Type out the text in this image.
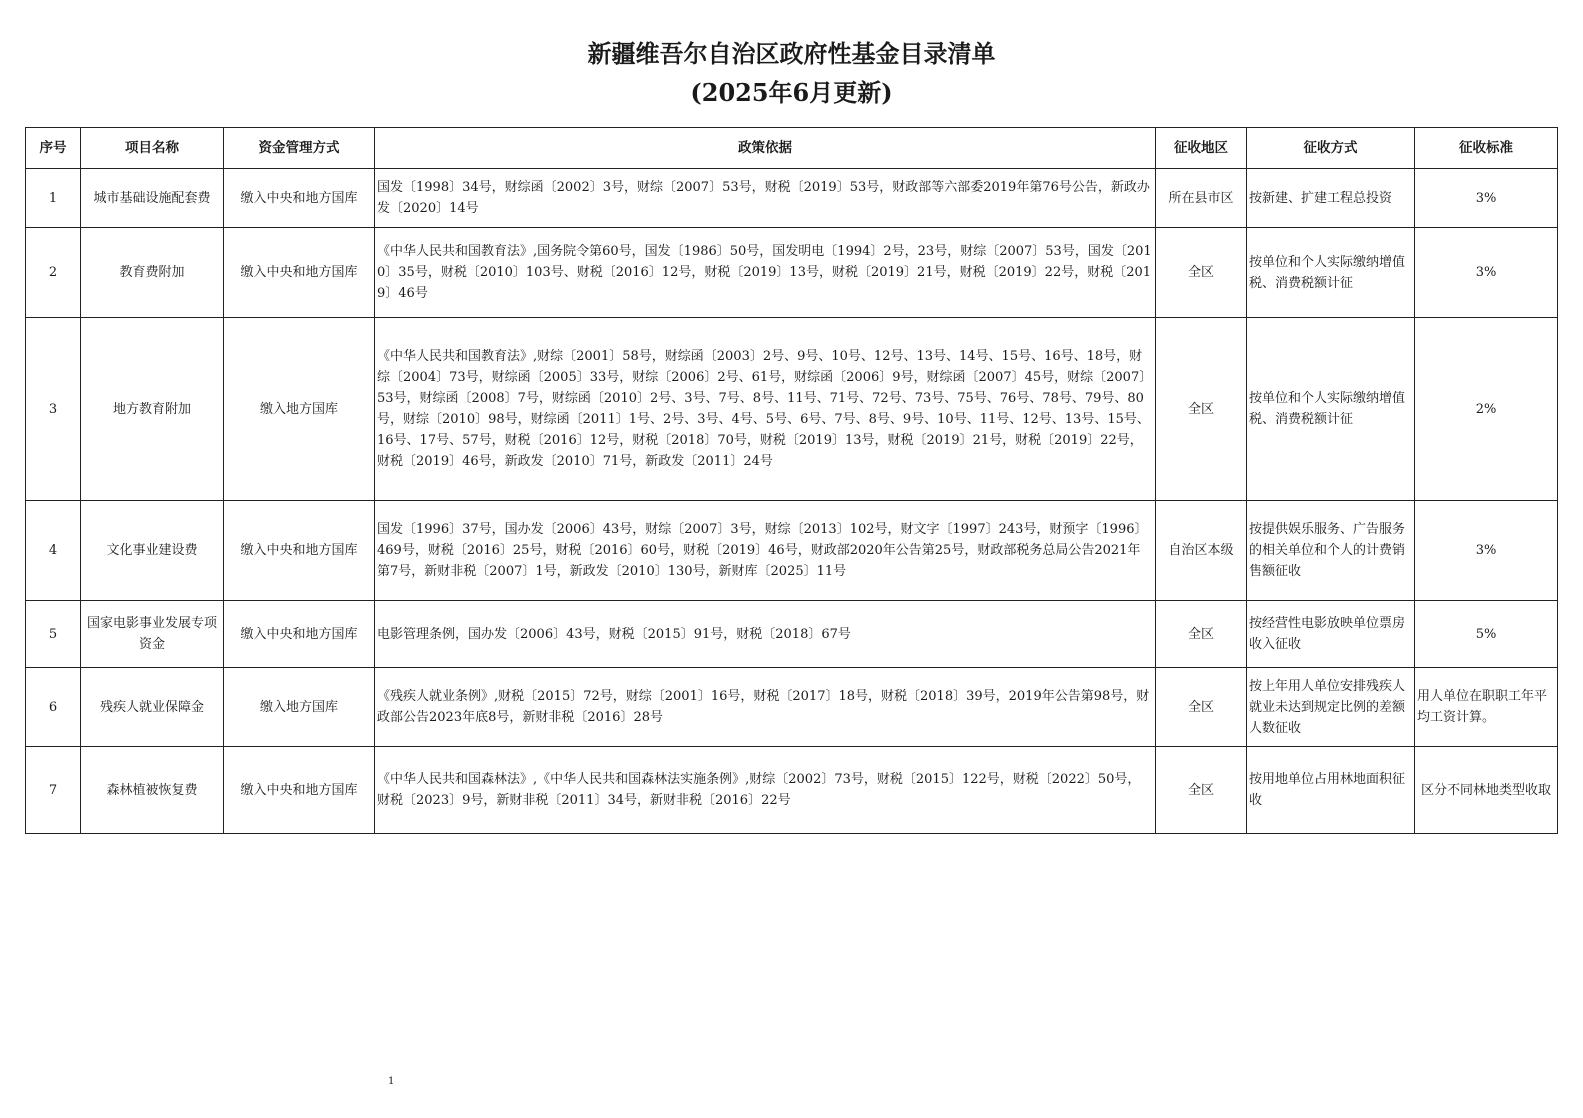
新疆维吾尔自治区政府性基金目录清单
(2025年6月更新)
序号	项目名称	资金管理方式	政策依据	征收地区	征收方式	征收标准
1	城市基础设施配套费	缴入中央和地方国库	国发〔1998〕34号，财综函〔2002〕3号，财综〔2007〕53号，财税〔2019〕53号，财政部等六部委2019年第76号公告，新政办发〔2020〕14号	所在县市区	按新建、扩建工程总投资	3%
2	教育费附加	缴入中央和地方国库	《中华人民共和国教育法》,国务院令第60号，国发〔1986〕50号，国发明电〔1994〕2号，23号，财综〔2007〕53号，国发〔2010〕35号，财税〔2010〕103号、财税〔2016〕12号，财税〔2019〕13号，财税〔2019〕21号，财税〔2019〕22号，财税〔2019〕46号	全区	按单位和个人实际缴纳增值税、消费税额计征	3%
3	地方教育附加	缴入地方国库	《中华人民共和国教育法》,财综〔2001〕58号，财综函〔2003〕2号、9号、10号、12号、13号、14号、15号、16号、18号，财综〔2004〕73号，财综函〔2005〕33号，财综〔2006〕2号、61号，财综函〔2006〕9号，财综函〔2007〕45号，财综〔2007〕53号，财综函〔2008〕7号，财综函〔2010〕2号、3号、7号、8号、11号、71号、72号、73号、75号、76号、78号、79号、80号，财综〔2010〕98号，财综函〔2011〕1号、2号、3号、4号、5号、6号、7号、8号、9号、10号、11号、12号、13号、15号、16号、17号、57号，财税〔2016〕12号，财税〔2018〕70号，财税〔2019〕13号，财税〔2019〕21号，财税〔2019〕22号，财税〔2019〕46号，新政发〔2010〕71号，新政发〔2011〕24号	全区	按单位和个人实际缴纳增值税、消费税额计征	2%
4	文化事业建设费	缴入中央和地方国库	国发〔1996〕37号，国办发〔2006〕43号，财综〔2007〕3号，财综〔2013〕102号，财文字〔1997〕243号，财预字〔1996〕469号，财税〔2016〕25号，财税〔2016〕60号，财税〔2019〕46号，财政部2020年公告第25号，财政部税务总局公告2021年第7号，新财非税〔2007〕1号，新政发〔2010〕130号，新财库〔2025〕11号	自治区本级	按提供娱乐服务、广告服务的相关单位和个人的计费销售额征收	3%
5	国家电影事业发展专项资金	缴入中央和地方国库	电影管理条例，国办发〔2006〕43号，财税〔2015〕91号，财税〔2018〕67号	全区	按经营性电影放映单位票房收入征收	5%
6	残疾人就业保障金	缴入地方国库	《残疾人就业条例》,财税〔2015〕72号，财综〔2001〕16号，财税〔2017〕18号，财税〔2018〕39号，2019年公告第98号，财政部公告2023年底8号，新财非税〔2016〕28号	全区	按上年用人单位安排残疾人就业未达到规定比例的差额人数征收	用人单位在职职工年平均工资计算。
7	森林植被恢复费	缴入中央和地方国库	《中华人民共和国森林法》,《中华人民共和国森林法实施条例》,财综〔2002〕73号，财税〔2015〕122号，财税〔2022〕50号，财税〔2023〕9号，新财非税〔2011〕34号，新财非税〔2016〕22号	全区	按用地单位占用林地面积征收	区分不同林地类型收取
1
